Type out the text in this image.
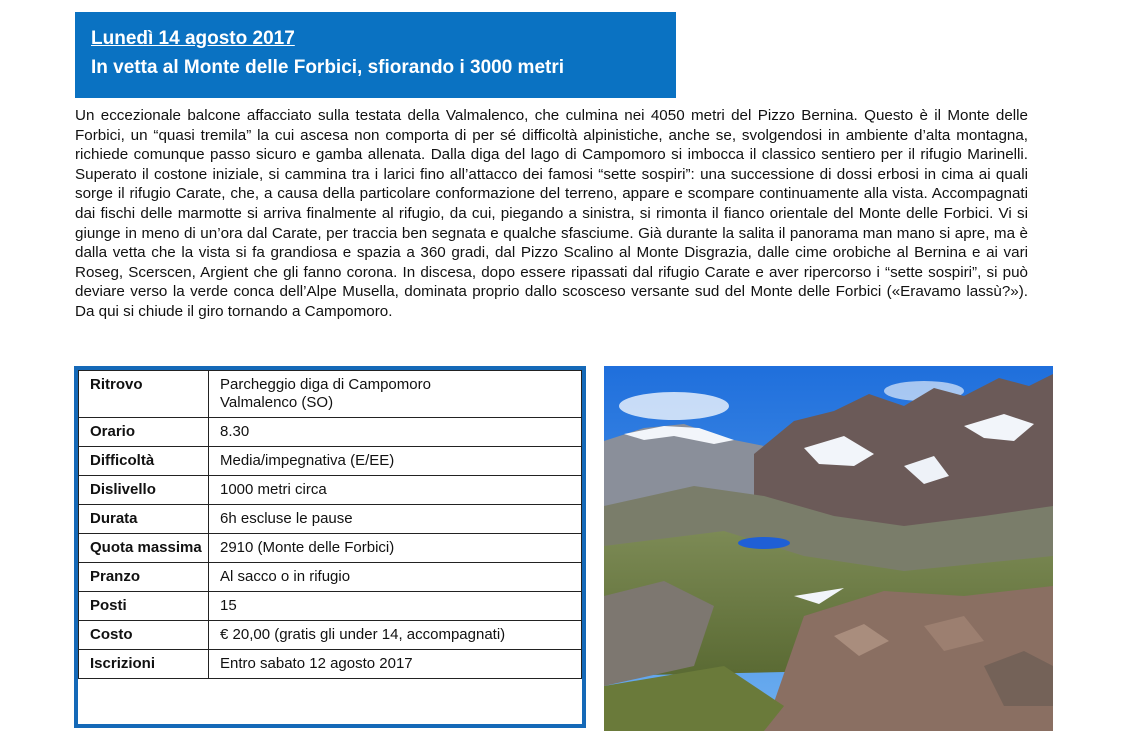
Lunedì 14 agosto 2017
In vetta al Monte delle Forbici, sfiorando i 3000 metri

Un eccezionale balcone affacciato sulla testata della Valmalenco, che culmina nei 4050 metri del Pizzo Bernina. Questo è il Monte delle Forbici, un “quasi tremila” la cui ascesa non comporta di per sé difficoltà alpinistiche, anche se, svolgendosi in ambiente d’alta montagna, richiede comunque passo sicuro e gamba allenata. Dalla diga del lago di Campomoro si imbocca il classico sentiero per il rifugio Marinelli. Superato il costone iniziale, si cammina tra i larici fino all’attacco dei famosi “sette sospiri”: una successione di dossi erbosi in cima ai quali sorge il rifugio Carate, che, a causa della particolare conformazione del terreno, appare e scompare continuamente alla vista. Accompagnati dai fischi delle marmotte si arriva finalmente al rifugio, da cui, piegando a sinistra, si rimonta il fianco orientale del Monte delle Forbici. Vi si giunge in meno di un’ora dal Carate, per traccia ben segnata e qualche sfasciume. Già durante la salita il panorama man mano si apre, ma è dalla vetta che la vista si fa grandiosa e spazia a 360 gradi, dal Pizzo Scalino al Monte Disgrazia, dalle cime orobiche al Bernina e ai vari Roseg, Scerscen, Argient che gli fanno corona. In discesa, dopo essere ripassati dal rifugio Carate e aver ripercorso i “sette sospiri”, si può deviare verso la verde conca dell’Alpe Musella, dominata proprio dallo scosceso versante sud del Monte delle Forbici («Eravamo lassù?»). Da qui si chiude il giro tornando a Campomoro.

Ritrovo	Parcheggio diga di Campomoro
Valmalenco (SO)

Orario	8.30

Difficoltà	Media/impegnativa (E/EE)

Dislivello	1000 metri circa

Durata	6h escluse le pause

Quota massima	2910 (Monte delle Forbici)

Pranzo	Al sacco o in rifugio

Posti	15

Costo	€ 20,00 (gratis gli under 14, accompagnati)

Iscrizioni	Entro sabato 12 agosto 2017
